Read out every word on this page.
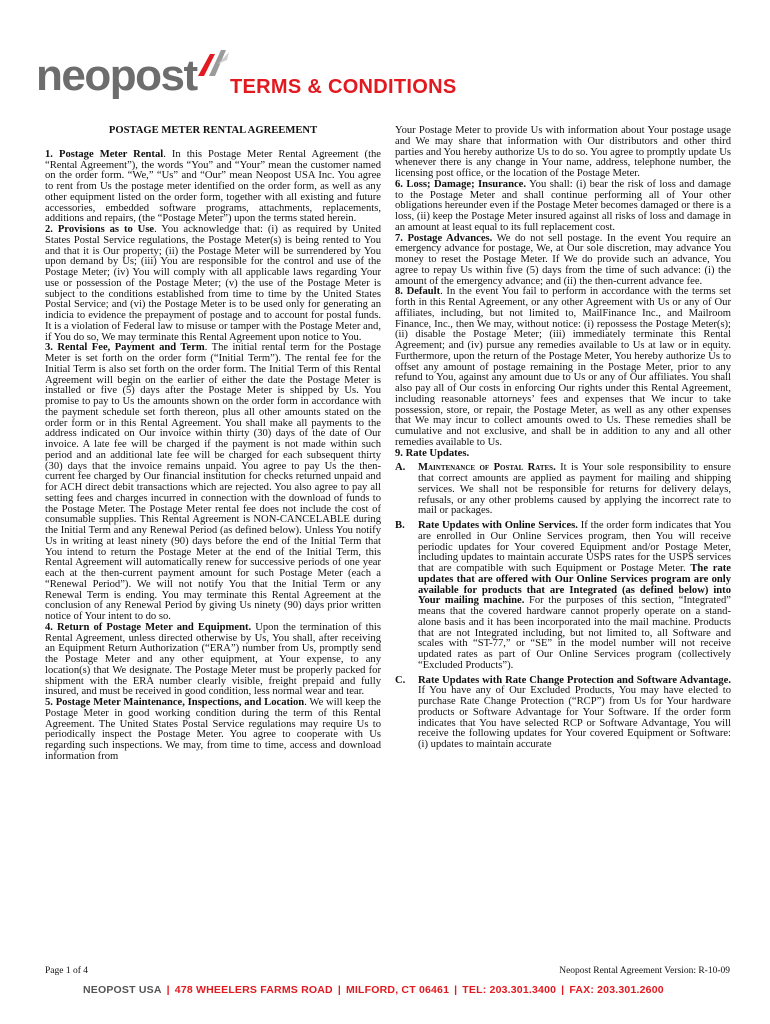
neopost TERMS & CONDITIONS

POSTAGE METER RENTAL AGREEMENT

1. Postage Meter Rental. In this Postage Meter Rental Agreement (the “Rental Agreement”), the words “You” and “Your” mean the customer named on the order form. “We,” “Us” and “Our” mean Neopost USA Inc. You agree to rent from Us the postage meter identified on the order form, as well as any other equipment listed on the order form, together with all existing and future accessories, embedded software programs, attachments, replacements, additions and repairs, (the “Postage Meter”) upon the terms stated herein.

2. Provisions as to Use. You acknowledge that: (i) as required by United States Postal Service regulations, the Postage Meter(s) is being rented to You and that it is Our property; (ii) the Postage Meter will be surrendered by You upon demand by Us; (iii) You are responsible for the control and use of the Postage Meter; (iv) You will comply with all applicable laws regarding Your use or possession of the Postage Meter; (v) the use of the Postage Meter is subject to the conditions established from time to time by the United States Postal Service; and (vi) the Postage Meter is to be used only for generating an indicia to evidence the prepayment of postage and to account for postal funds. It is a violation of Federal law to misuse or tamper with the Postage Meter and, if You do so, We may terminate this Rental Agreement upon notice to You.

3. Rental Fee, Payment and Term. The initial rental term for the Postage Meter is set forth on the order form (“Initial Term”). The rental fee for the Initial Term is also set forth on the order form. The Initial Term of this Rental Agreement will begin on the earlier of either the date the Postage Meter is installed or five (5) days after the Postage Meter is shipped by Us. You promise to pay to Us the amounts shown on the order form in accordance with the payment schedule set forth thereon, plus all other amounts stated on the order form or in this Rental Agreement. You shall make all payments to the address indicated on Our invoice within thirty (30) days of the date of Our invoice. A late fee will be charged if the payment is not made within such period and an additional late fee will be charged for each subsequent thirty (30) days that the invoice remains unpaid. You agree to pay Us the then-current fee charged by Our financial institution for checks returned unpaid and for ACH direct debit transactions which are rejected. You also agree to pay all setting fees and charges incurred in connection with the download of funds to the Postage Meter. The Postage Meter rental fee does not include the cost of consumable supplies. This Rental Agreement is NON-CANCELABLE during the Initial Term and any Renewal Period (as defined below). Unless You notify Us in writing at least ninety (90) days before the end of the Initial Term that You intend to return the Postage Meter at the end of the Initial Term, this Rental Agreement will automatically renew for successive periods of one year each at the then-current payment amount for such Postage Meter (each a “Renewal Period”). We will not notify You that the Initial Term or any Renewal Term is ending. You may terminate this Rental Agreement at the conclusion of any Renewal Period by giving Us ninety (90) days prior written notice of Your intent to do so.

4. Return of Postage Meter and Equipment. Upon the termination of this Rental Agreement, unless directed otherwise by Us, You shall, after receiving an Equipment Return Authorization (“ERA”) number from Us, promptly send the Postage Meter and any other equipment, at Your expense, to any location(s) that We designate. The Postage Meter must be properly packed for shipment with the ERA number clearly visible, freight prepaid and fully insured, and must be received in good condition, less normal wear and tear.

5. Postage Meter Maintenance, Inspections, and Location. We will keep the Postage Meter in good working condition during the term of this Rental Agreement. The United States Postal Service regulations may require Us to periodically inspect the Postage Meter. You agree to cooperate with Us regarding such inspections. We may, from time to time, access and download information from

Your Postage Meter to provide Us with information about Your postage usage and We may share that information with Our distributors and other third parties and You hereby authorize Us to do so. You agree to promptly update Us whenever there is any change in Your name, address, telephone number, the licensing post office, or the location of the Postage Meter.

6. Loss; Damage; Insurance. You shall: (i) bear the risk of loss and damage to the Postage Meter and shall continue performing all of Your other obligations hereunder even if the Postage Meter becomes damaged or there is a loss, (ii) keep the Postage Meter insured against all risks of loss and damage in an amount at least equal to its full replacement cost.

7. Postage Advances. We do not sell postage. In the event You require an emergency advance for postage, We, at Our sole discretion, may advance You money to reset the Postage Meter. If We do provide such an advance, You agree to repay Us within five (5) days from the time of such advance: (i) the amount of the emergency advance; and (ii) the then-current advance fee.

8. Default. In the event You fail to perform in accordance with the terms set forth in this Rental Agreement, or any other Agreement with Us or any of Our affiliates, including, but not limited to, MailFinance Inc., and Mailroom Finance, Inc., then We may, without notice: (i) repossess the Postage Meter(s); (ii) disable the Postage Meter; (iii) immediately terminate this Rental Agreement; and (iv) pursue any remedies available to Us at law or in equity. Furthermore, upon the return of the Postage Meter, You hereby authorize Us to offset any amount of postage remaining in the Postage Meter, prior to any refund to You, against any amount due to Us or any of Our affiliates. You shall also pay all of Our costs in enforcing Our rights under this Rental Agreement, including reasonable attorneys’ fees and expenses that We incur to take possession, store, or repair, the Postage Meter, as well as any other expenses that We may incur to collect amounts owed to Us. These remedies shall be cumulative and not exclusive, and shall be in addition to any and all other remedies available to Us.

9. Rate Updates.

A. Maintenance of Postal Rates. It is Your sole responsibility to ensure that correct amounts are applied as payment for mailing and shipping services. We shall not be responsible for returns for delivery delays, refusals, or any other problems caused by applying the incorrect rate to mail or packages.

B. Rate Updates with Online Services. If the order form indicates that You are enrolled in Our Online Services program, then You will receive periodic updates for Your covered Equipment and/or Postage Meter, including updates to maintain accurate USPS rates for the USPS services that are compatible with such Equipment or Postage Meter. The rate updates that are offered with Our Online Services program are only available for products that are Integrated (as defined below) into Your mailing machine. For the purposes of this section, “Integrated” means that the covered hardware cannot properly operate on a stand-alone basis and it has been incorporated into the mail machine. Products that are not Integrated including, but not limited to, all Software and scales with “ST-77,” or “SE” in the model number will not receive updated rates as part of Our Online Services program (collectively “Excluded Products”).

C. Rate Updates with Rate Change Protection and Software Advantage. If You have any of Our Excluded Products, You may have elected to purchase Rate Change Protection (“RCP”) from Us for Your hardware products or Software Advantage for Your Software. If the order form indicates that You have selected RCP or Software Advantage, You will receive the following updates for Your covered Equipment or Software: (i) updates to maintain accurate

Page 1 of 4	Neopost Rental Agreement Version: R-10-09
NEOPOST USA | 478 WHEELERS FARMS ROAD | MILFORD, CT 06461 | TEL: 203.301.3400 | FAX: 203.301.2600
